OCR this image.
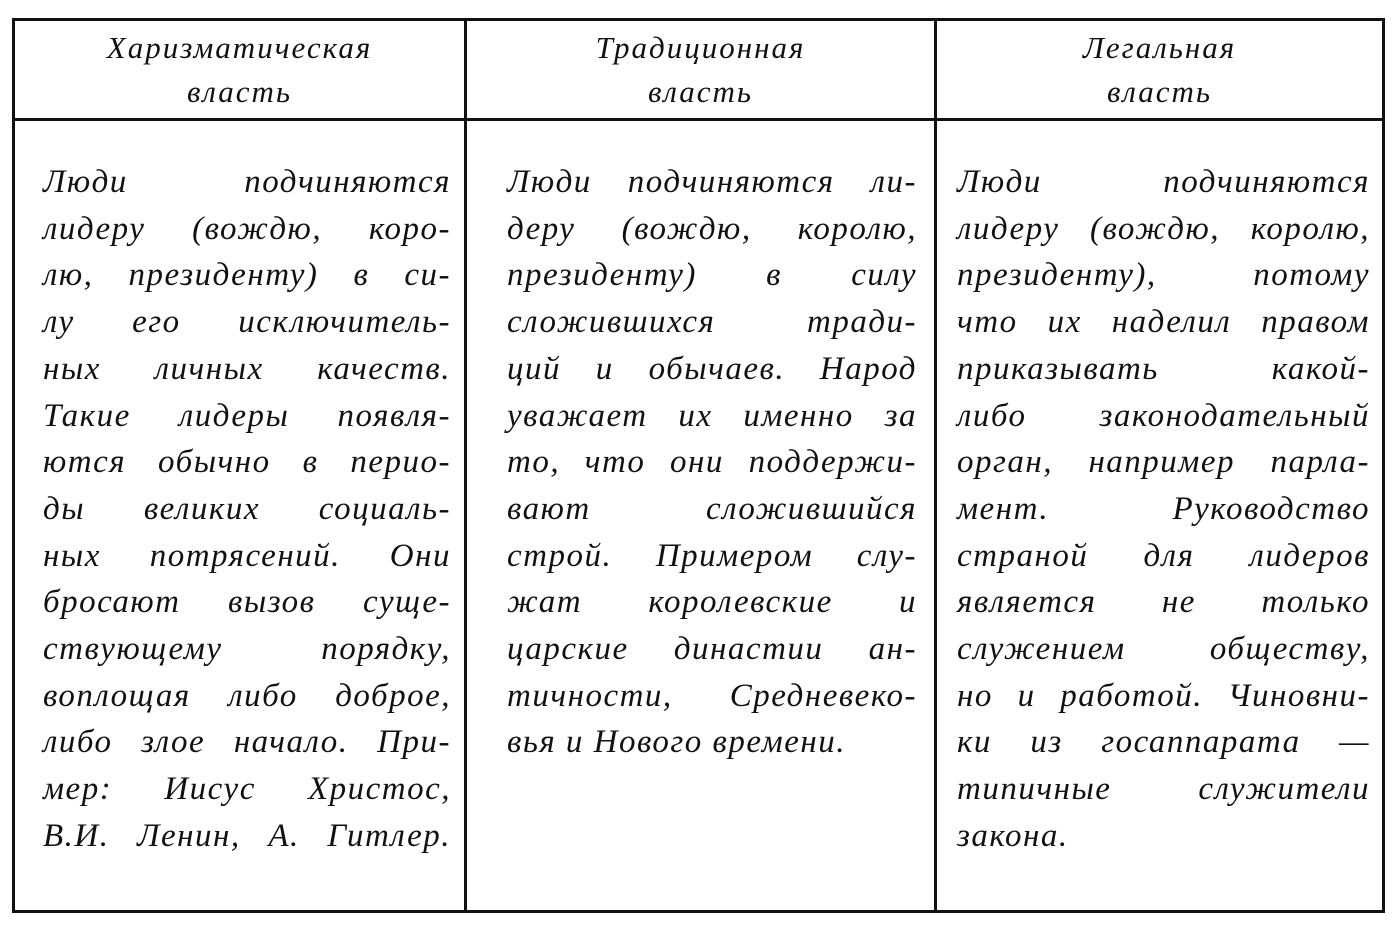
Харизматическая
власть
Традиционная
власть
Легальная
власть
Люди подчиняются
лидеру (вождю, коро-
лю, президенту) в си-
лу его исключитель-
ных личных качеств.
Такие лидеры появля-
ются обычно в перио-
ды великих социаль-
ных потрясений. Они
бросают вызов суще-
ствующему порядку,
воплощая либо доброе,
либо злое начало. При-
мер: Иисус Христос,
В.И. Ленин, А. Гитлер.
Люди подчиняются ли-
деру (вождю, королю,
президенту) в силу
сложившихся тради-
ций и обычаев. Народ
уважает их именно за
то, что они поддержи-
вают сложившийся
строй. Примером слу-
жат королевские и
царские династии ан-
тичности, Средневеко-
вья и Нового времени.
Люди подчиняются
лидеру (вождю, королю,
президенту), потому
что их наделил правом
приказывать какой-
либо законодательный
орган, например парла-
мент. Руководство
страной для лидеров
является не только
служением обществу,
но и работой. Чиновни-
ки из госаппарата —
типичные служители
закона.
